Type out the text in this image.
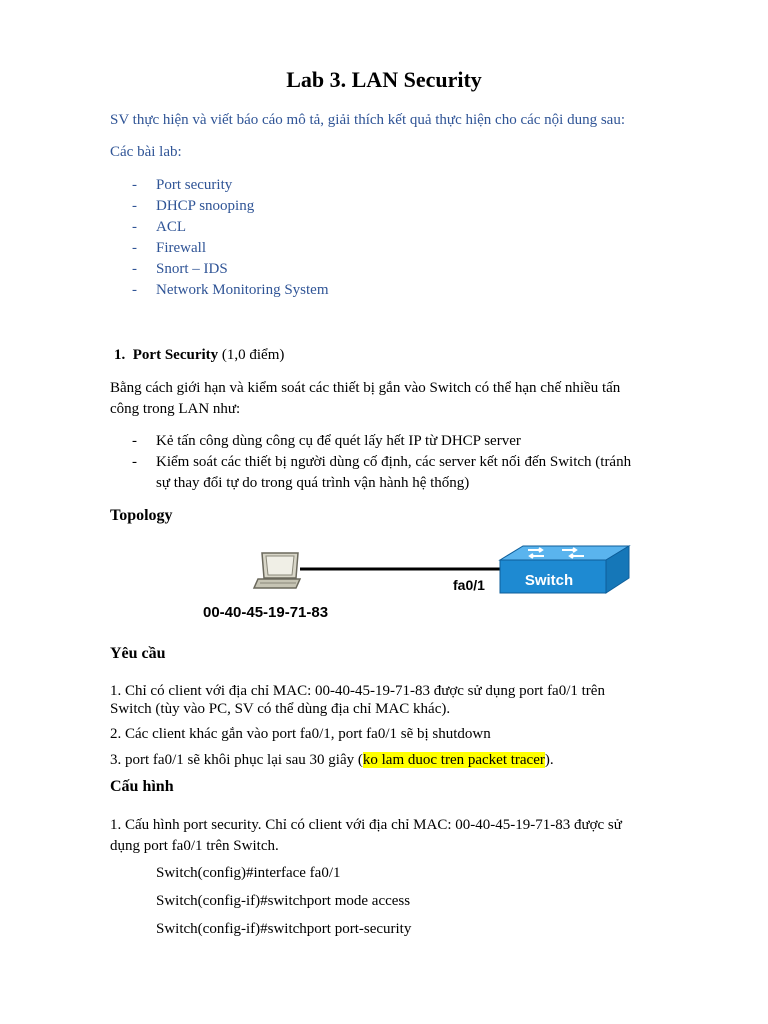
Lab 3. LAN Security
SV thực hiện và viết báo cáo mô tả, giải thích kết quả thực hiện cho các nội dung sau:
Các bài lab:
- Port security
- DHCP snooping
- ACL
- Firewall
- Snort – IDS
- Network Monitoring System
1. Port Security (1,0 điểm)
Bằng cách giới hạn và kiểm soát các thiết bị gắn vào Switch có thể hạn chế nhiều tấn
công trong LAN như:
- Kẻ tấn công dùng công cụ để quét lấy hết IP từ DHCP server
- Kiểm soát các thiết bị người dùng cố định, các server kết nối đến Switch (tránh
sự thay đổi tự do trong quá trình vận hành hệ thống)
Topology
Switch
fa0/1
00-40-45-19-71-83
Yêu cầu
1. Chỉ có client với địa chỉ MAC: 00-40-45-19-71-83 được sử dụng port fa0/1 trên
Switch (tùy vào PC, SV có thể dùng địa chỉ MAC khác).
2. Các client khác gắn vào port fa0/1, port fa0/1 sẽ bị shutdown
3. port fa0/1 sẽ khôi phục lại sau 30 giây (ko lam duoc tren packet tracer).
Cấu hình
1. Cấu hình port security. Chỉ có client với địa chỉ MAC: 00-40-45-19-71-83 được sử
dụng port fa0/1 trên Switch.
Switch(config)#interface fa0/1
Switch(config-if)#switchport mode access
Switch(config-if)#switchport port-security
